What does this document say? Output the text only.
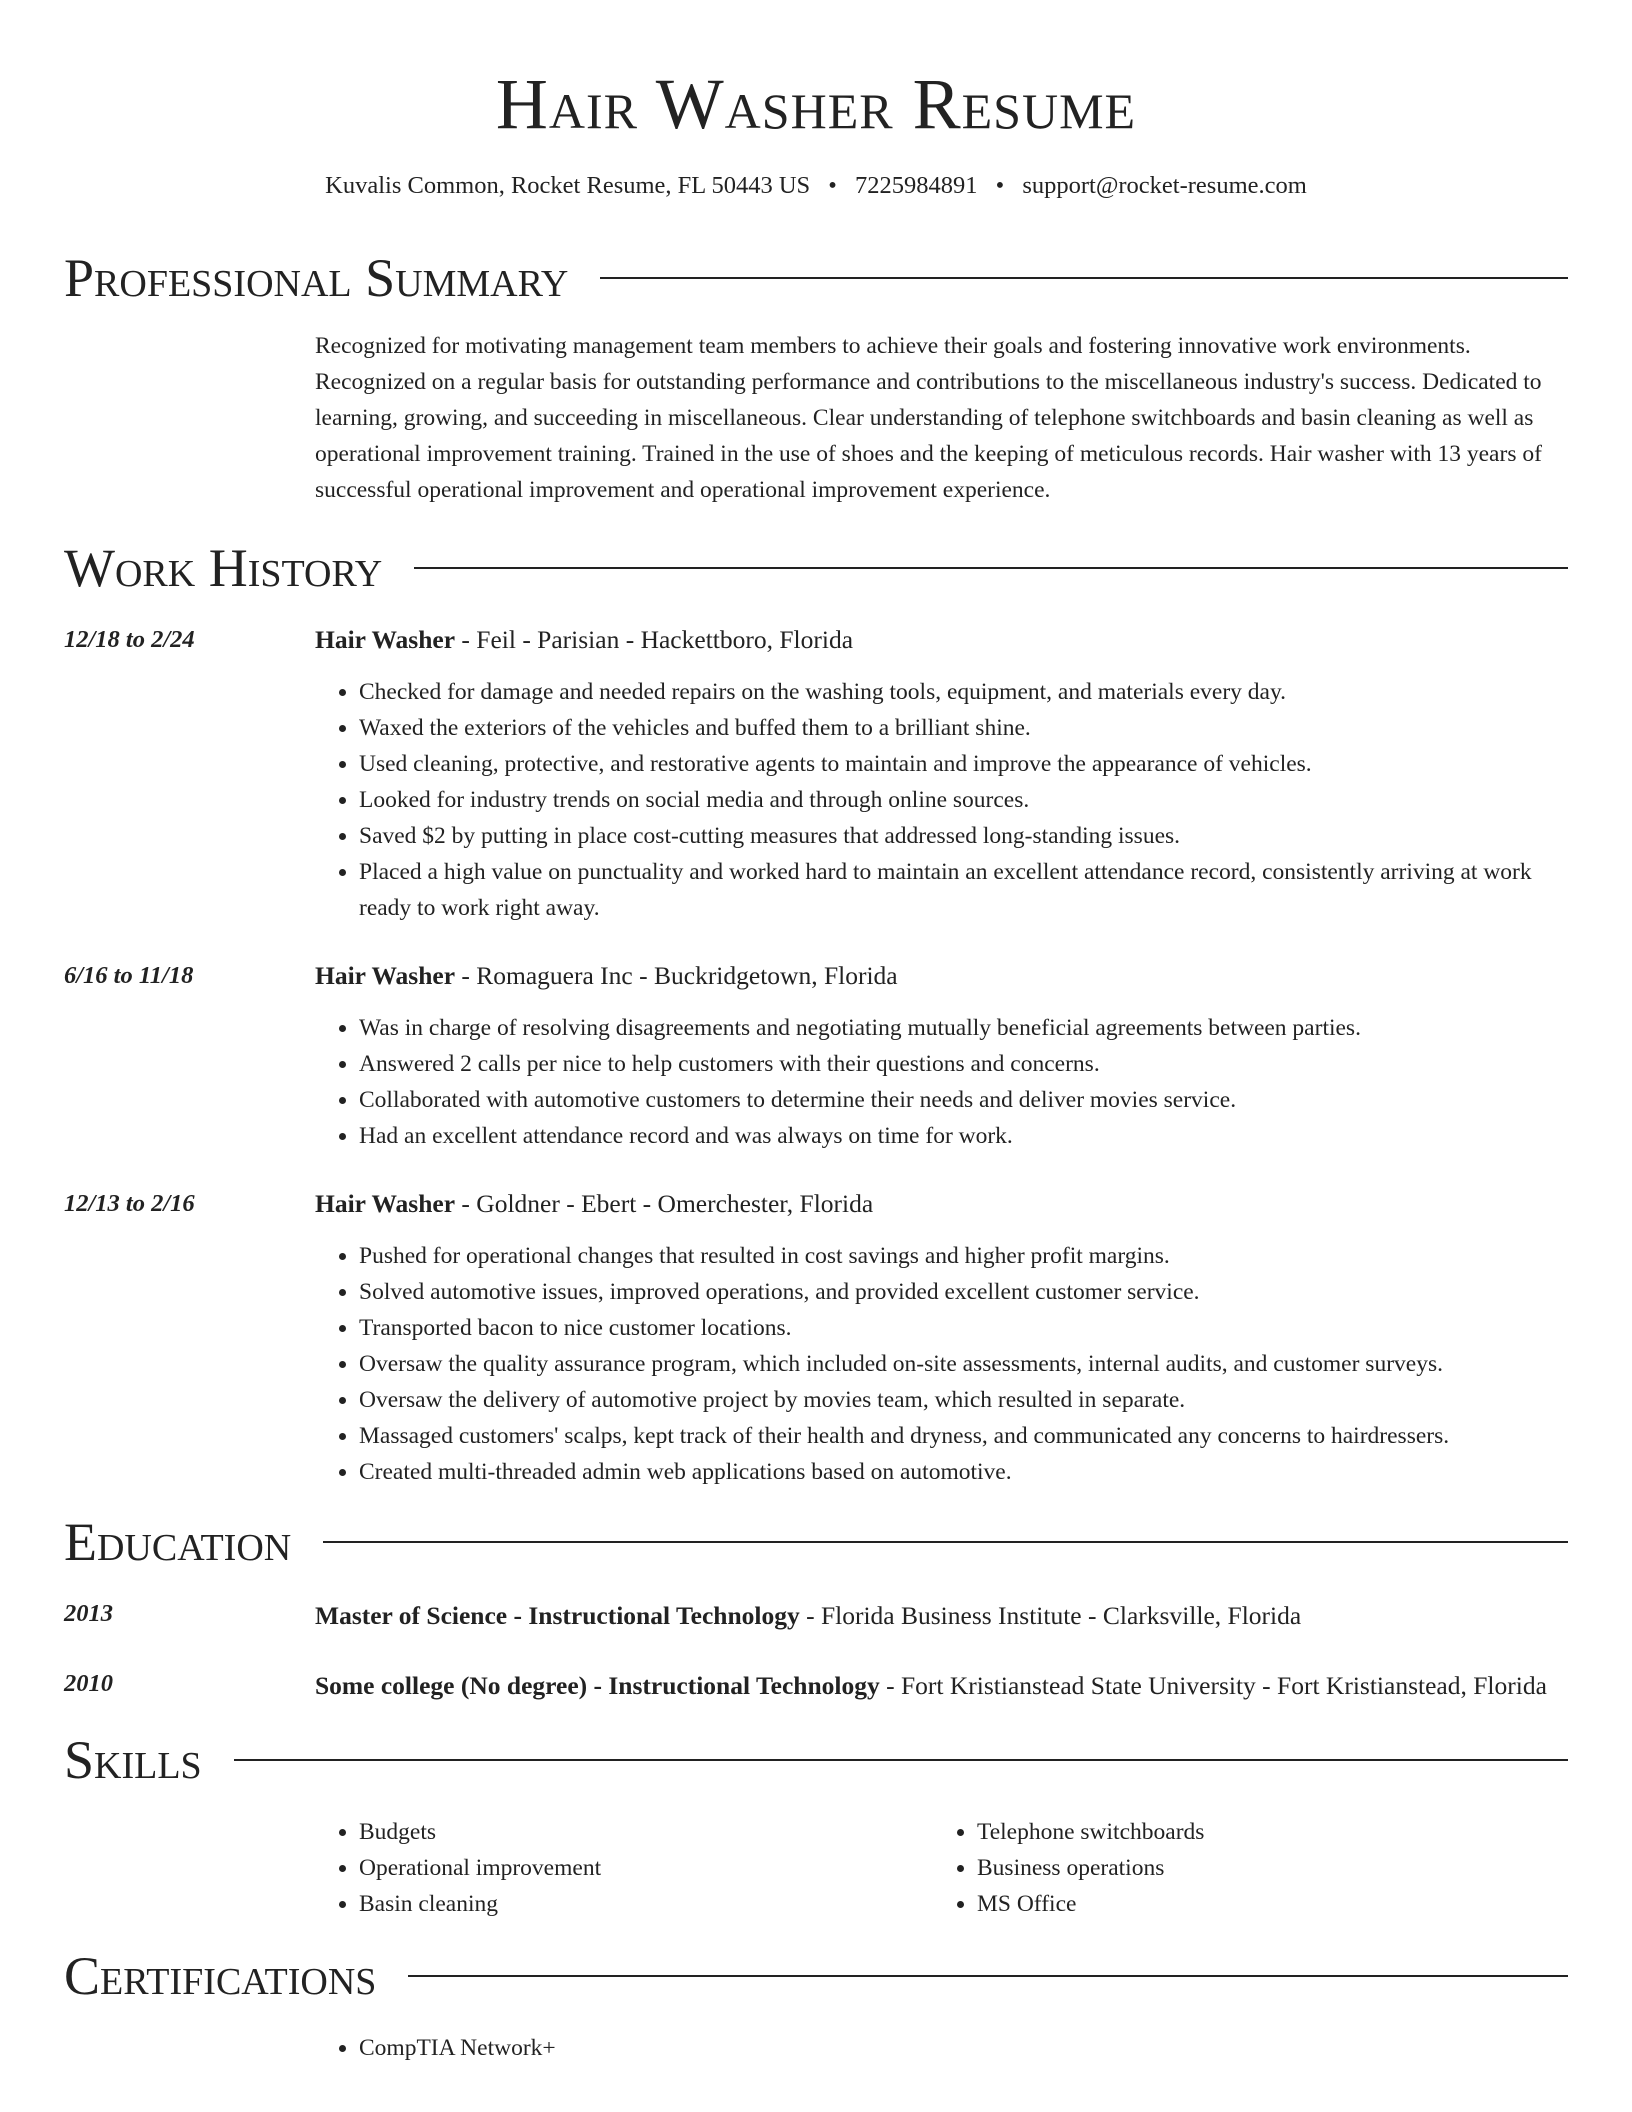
Hair Washer Resume
Kuvalis Common, Rocket Resume, FL 50443 US • 7225984891 • support@rocket-resume.com
Professional Summary

Recognized for motivating management team members to achieve their goals and fostering innovative work environments. Recognized on a regular basis for outstanding performance and contributions to the miscellaneous industry's success. Dedicated to learning, growing, and succeeding in miscellaneous. Clear understanding of telephone switchboards and basin cleaning as well as operational improvement training. Trained in the use of shoes and the keeping of meticulous records. Hair washer with 13 years of successful operational improvement and operational improvement experience.

Work History
12/18 to 2/24	Hair Washer - Feil - Parisian - Hackettboro, Florida
• Checked for damage and needed repairs on the washing tools, equipment, and materials every day.
• Waxed the exteriors of the vehicles and buffed them to a brilliant shine.
• Used cleaning, protective, and restorative agents to maintain and improve the appearance of vehicles.
• Looked for industry trends on social media and through online sources.
• Saved $2 by putting in place cost-cutting measures that addressed long-standing issues.
• Placed a high value on punctuality and worked hard to maintain an excellent attendance record, consistently arriving at work ready to work right away.
6/16 to 11/18	Hair Washer - Romaguera Inc - Buckridgetown, Florida
• Was in charge of resolving disagreements and negotiating mutually beneficial agreements between parties.
• Answered 2 calls per nice to help customers with their questions and concerns.
• Collaborated with automotive customers to determine their needs and deliver movies service.
• Had an excellent attendance record and was always on time for work.
12/13 to 2/16	Hair Washer - Goldner - Ebert - Omerchester, Florida
• Pushed for operational changes that resulted in cost savings and higher profit margins.
• Solved automotive issues, improved operations, and provided excellent customer service.
• Transported bacon to nice customer locations.
• Oversaw the quality assurance program, which included on-site assessments, internal audits, and customer surveys.
• Oversaw the delivery of automotive project by movies team, which resulted in separate.
• Massaged customers' scalps, kept track of their health and dryness, and communicated any concerns to hairdressers.
• Created multi-threaded admin web applications based on automotive.
Education
2013	Master of Science - Instructional Technology - Florida Business Institute - Clarksville, Florida
2010	Some college (No degree) - Instructional Technology - Fort Kristianstead State University - Fort Kristianstead, Florida
Skills
• Budgets
• Operational improvement
• Basin cleaning
• Telephone switchboards
• Business operations
• MS Office
Certifications
• CompTIA Network+
